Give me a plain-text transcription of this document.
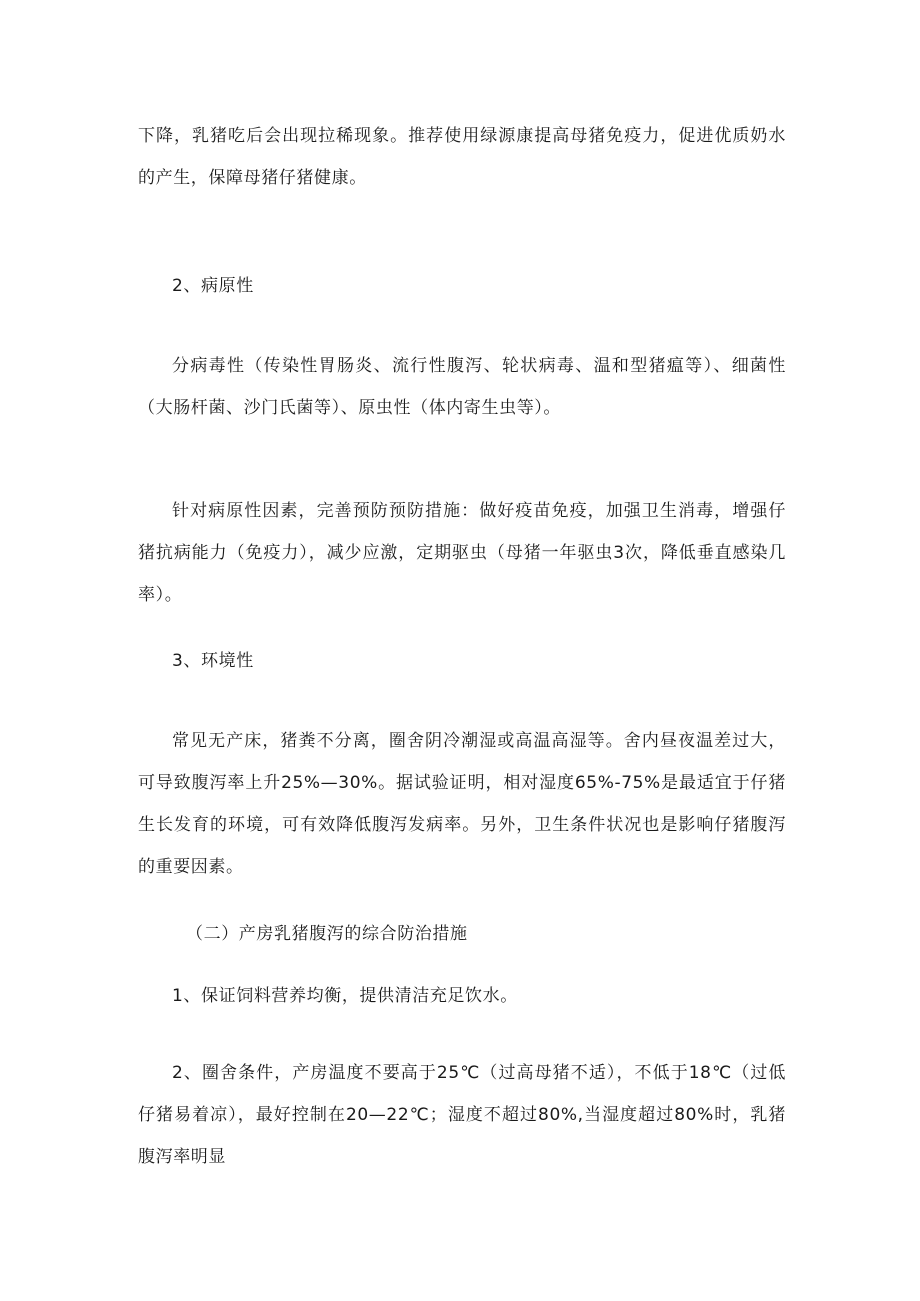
下降，乳猪吃后会出现拉稀现象。推荐使用绿源康提高母猪免疫力，促进优质奶水的产生，保障母猪仔猪健康。

2、病原性

分病毒性（传染性胃肠炎、流行性腹泻、轮状病毒、温和型猪瘟等）、细菌性（大肠杆菌、沙门氏菌等）、原虫性（体内寄生虫等）。

针对病原性因素，完善预防预防措施：做好疫苗免疫，加强卫生消毒，增强仔猪抗病能力（免疫力），减少应激，定期驱虫（母猪一年驱虫3次，降低垂直感染几率）。

3、环境性

常见无产床，猪粪不分离，圈舍阴冷潮湿或高温高湿等。舍内昼夜温差过大，可导致腹泻率上升25%—30%。据试验证明，相对湿度65%-75%是最适宜于仔猪生长发育的环境，可有效降低腹泻发病率。另外，卫生条件状况也是影响仔猪腹泻的重要因素。

（二）产房乳猪腹泻的综合防治措施

1、保证饲料营养均衡，提供清洁充足饮水。

2、圈舍条件，产房温度不要高于25℃（过高母猪不适），不低于18℃（过低仔猪易着凉），最好控制在20—22℃；湿度不超过80%,当湿度超过80%时，乳猪腹泻率明显
